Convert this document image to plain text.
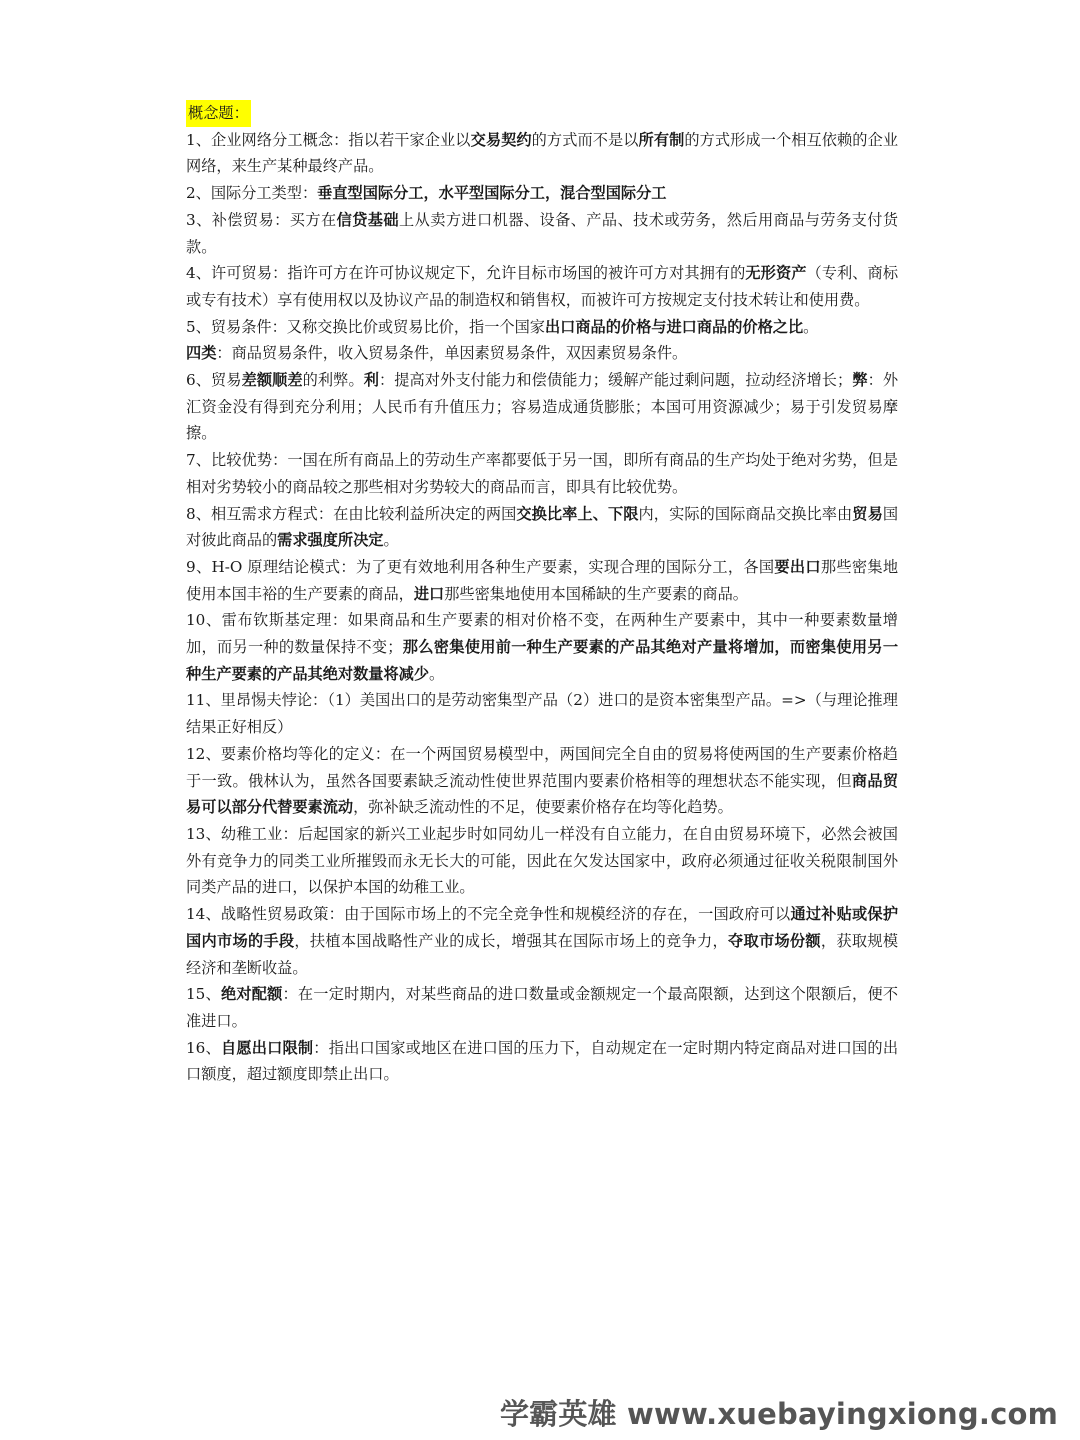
概念题：

1、企业网络分工概念：指以若干家企业以交易契约的方式而不是以所有制的方式形成一个相互依赖的企业网络，来生产某种最终产品。

2、国际分工类型：垂直型国际分工，水平型国际分工，混合型国际分工

3、补偿贸易：买方在信贷基础上从卖方进口机器、设备、产品、技术或劳务，然后用商品与劳务支付货款。

4、许可贸易：指许可方在许可协议规定下，允许目标市场国的被许可方对其拥有的无形资产（专利、商标或专有技术）享有使用权以及协议产品的制造权和销售权，而被许可方按规定支付技术转让和使用费。

5、贸易条件：又称交换比价或贸易比价，指一个国家出口商品的价格与进口商品的价格之比。
四类：商品贸易条件，收入贸易条件，单因素贸易条件，双因素贸易条件。

6、贸易差额顺差的利弊。利：提高对外支付能力和偿债能力；缓解产能过剩问题，拉动经济增长；弊：外汇资金没有得到充分利用；人民币有升值压力；容易造成通货膨胀；本国可用资源减少；易于引发贸易摩擦。

7、比较优势：一国在所有商品上的劳动生产率都要低于另一国，即所有商品的生产均处于绝对劣势，但是相对劣势较小的商品较之那些相对劣势较大的商品而言，即具有比较优势。

8、相互需求方程式：在由比较利益所决定的两国交换比率上、下限内，实际的国际商品交换比率由贸易国对彼此商品的需求强度所决定。

9、H-O 原理结论模式：为了更有效地利用各种生产要素，实现合理的国际分工，各国要出口那些密集地使用本国丰裕的生产要素的商品，进口那些密集地使用本国稀缺的生产要素的商品。

10、雷布钦斯基定理：如果商品和生产要素的相对价格不变，在两种生产要素中，其中一种要素数量增加，而另一种的数量保持不变；那么密集使用前一种生产要素的产品其绝对产量将增加，而密集使用另一种生产要素的产品其绝对数量将减少。

11、里昂惕夫悖论：（1）美国出口的是劳动密集型产品（2）进口的是资本密集型产品。=>（与理论推理结果正好相反）

12、要素价格均等化的定义：在一个两国贸易模型中，两国间完全自由的贸易将使两国的生产要素价格趋于一致。俄林认为，虽然各国要素缺乏流动性使世界范围内要素价格相等的理想状态不能实现，但商品贸易可以部分代替要素流动，弥补缺乏流动性的不足，使要素价格存在均等化趋势。

13、幼稚工业：后起国家的新兴工业起步时如同幼儿一样没有自立能力，在自由贸易环境下，必然会被国外有竞争力的同类工业所摧毁而永无长大的可能，因此在欠发达国家中，政府必须通过征收关税限制国外同类产品的进口，以保护本国的幼稚工业。

14、战略性贸易政策：由于国际市场上的不完全竞争性和规模经济的存在，一国政府可以通过补贴或保护国内市场的手段，扶植本国战略性产业的成长，增强其在国际市场上的竞争力，夺取市场份额，获取规模经济和垄断收益。

15、绝对配额：在一定时期内，对某些商品的进口数量或金额规定一个最高限额，达到这个限额后，便不准进口。

16、自愿出口限制：指出口国家或地区在进口国的压力下，自动规定在一定时期内特定商品对进口国的出口额度，超过额度即禁止出口。

学霸英雄 www.xuebayingxiong.com
